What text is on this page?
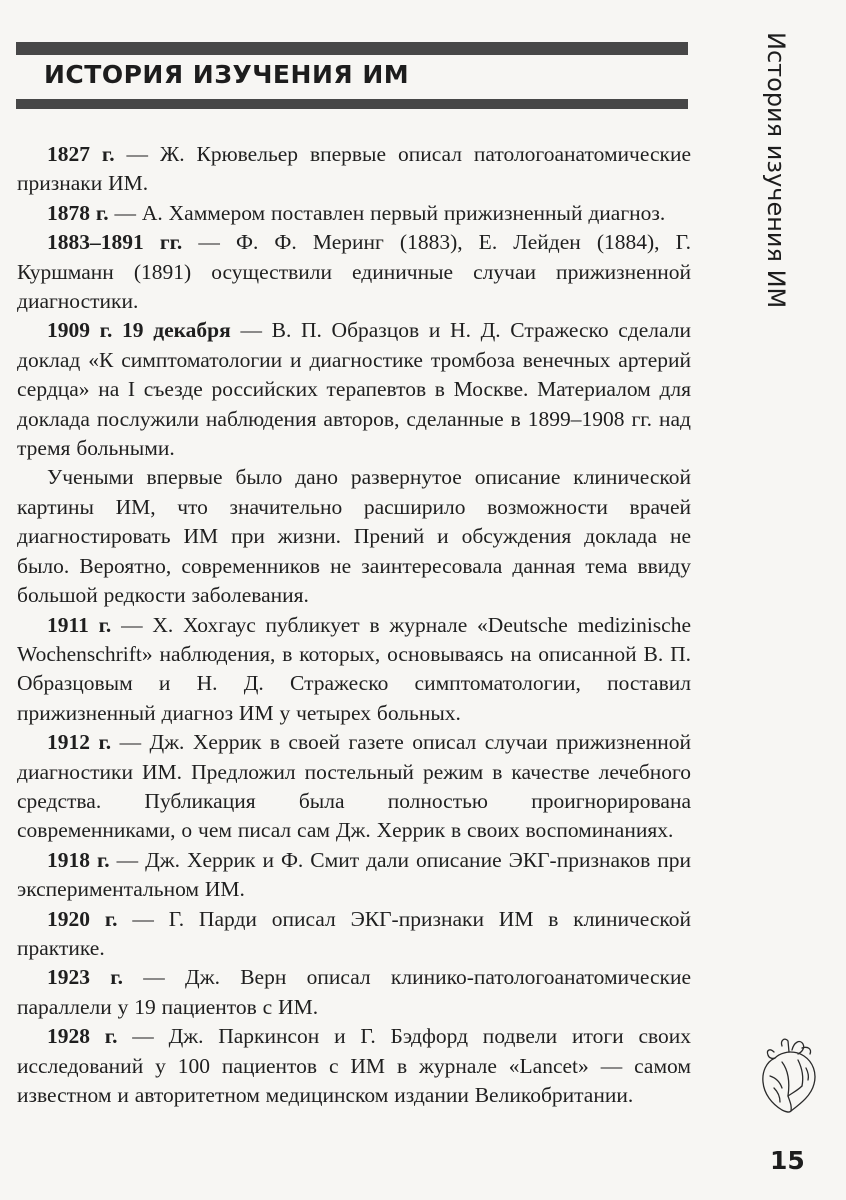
ИСТОРИЯ ИЗУЧЕНИЯ ИМ	История изучения ИМ

1827 г. — Ж. Крювельер впервые описал патологоанатомические признаки ИМ.

1878 г. — А. Хаммером поставлен первый прижизненный диагноз.

1883–1891 гг. — Ф. Ф. Меринг (1883), Е. Лейден (1884), Г. Куршманн (1891) осуществили единичные случаи прижизненной диагностики.

1909 г. 19 декабря — В. П. Образцов и Н. Д. Стражеско сделали доклад «К симптоматологии и диагностике тромбоза венечных артерий сердца» на I съезде российских терапевтов в Москве. Материалом для доклада послужили наблюдения авторов, сделанные в 1899–1908 гг. над тремя больными.

Учеными впервые было дано развернутое описание клинической картины ИМ, что значительно расширило возможности врачей диагностировать ИМ при жизни. Прений и обсуждения доклада не было. Вероятно, современников не заинтересовала данная тема ввиду большой редкости заболевания.

1911 г. — Х. Хохгаус публикует в журнале «Deutsche medizinische Wochenschrift» наблюдения, в которых, основываясь на описанной В. П. Образцовым и Н. Д. Стражеско симптоматологии, поставил прижизненный диагноз ИМ у четырех больных.

1912 г. — Дж. Херрик в своей газете описал случаи прижизненной диагностики ИМ. Предложил постельный режим в качестве лечебного средства. Публикация была полностью проигнорирована современниками, о чем писал сам Дж. Херрик в своих воспоминаниях.

1918 г. — Дж. Херрик и Ф. Смит дали описание ЭКГ-признаков при экспериментальном ИМ.

1920 г. — Г. Парди описал ЭКГ-признаки ИМ в клинической практике.

1923 г. — Дж. Верн описал клинико-патологоанатомические параллели у 19 пациентов с ИМ.

1928 г. — Дж. Паркинсон и Г. Бэдфорд подвели итоги своих исследований у 100 пациентов с ИМ в журнале «Lancet» — самом известном и авторитетном медицинском издании Великобритании.

15
